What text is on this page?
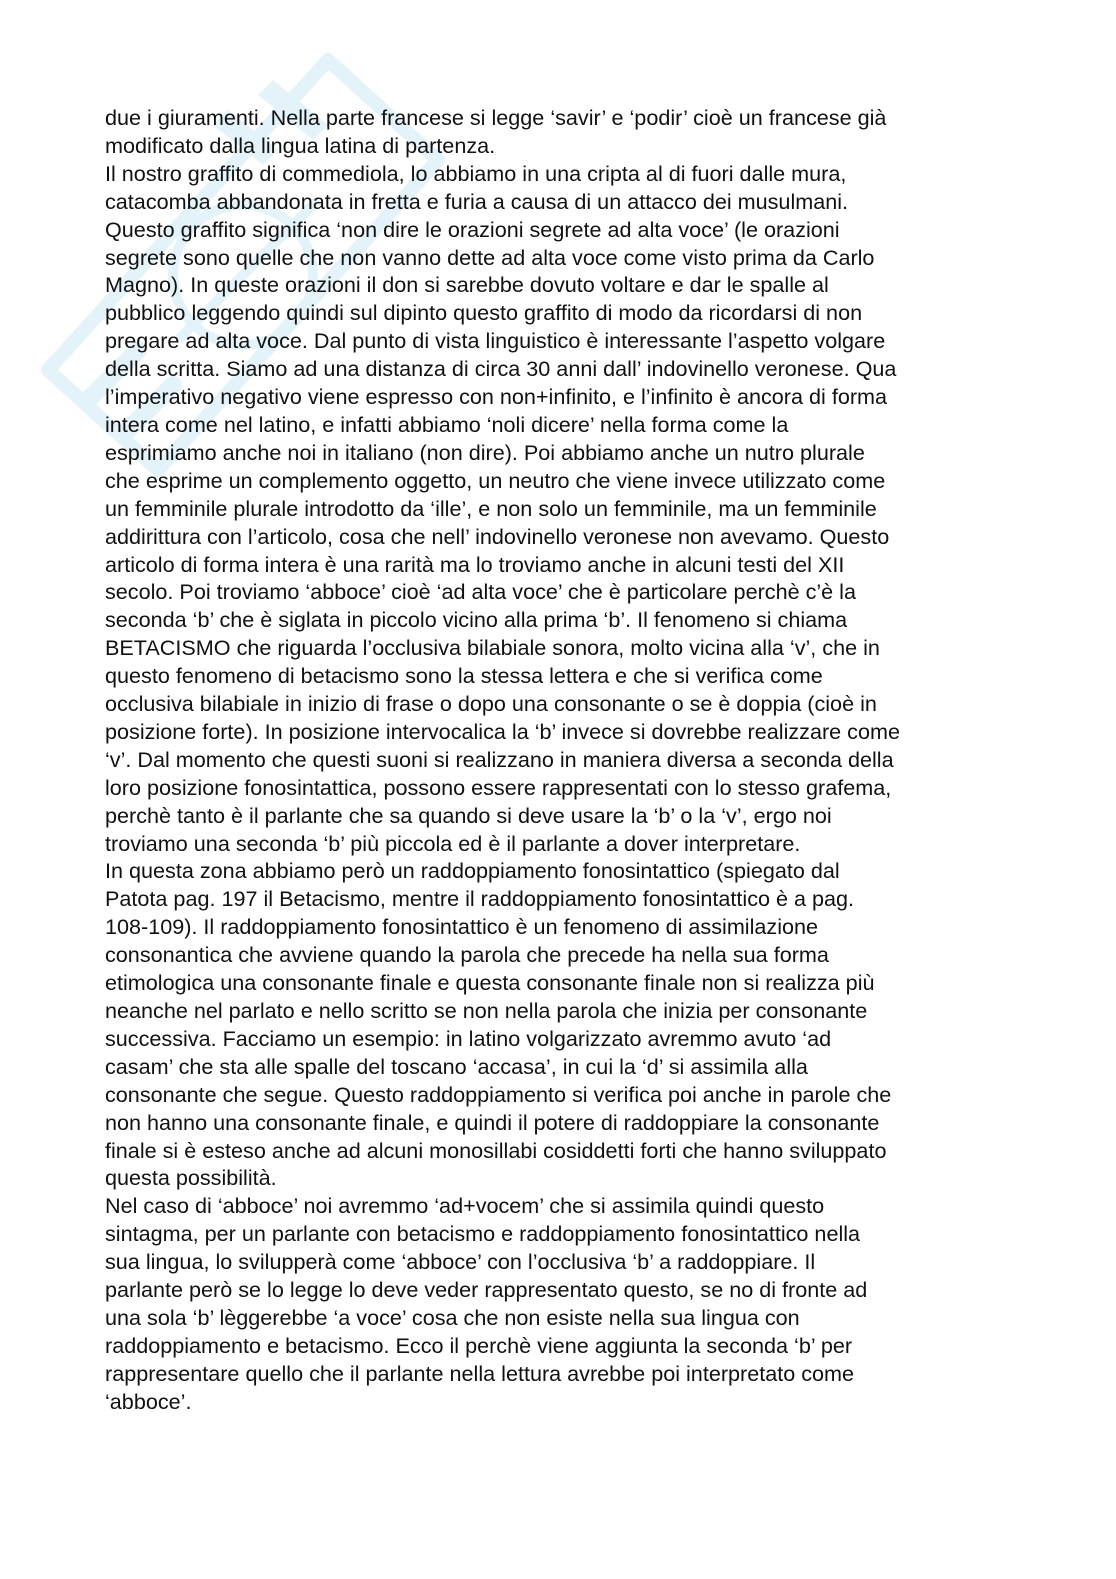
due i giuramenti. Nella parte francese si legge ‘savir’ e ‘podir’ cioè un francese già

modificato dalla lingua latina di partenza.

Il nostro graffito di commediola, lo abbiamo in una cripta al di fuori dalle mura,

catacomba abbandonata in fretta e furia a causa di un attacco dei musulmani.

Questo graffito significa ‘non dire le orazioni segrete ad alta voce’ (le orazioni

segrete sono quelle che non vanno dette ad alta voce come visto prima da Carlo

Magno). In queste orazioni il don si sarebbe dovuto voltare e dar le spalle al

pubblico leggendo quindi sul dipinto questo graffito di modo da ricordarsi di non

pregare ad alta voce. Dal punto di vista linguistico è interessante l’aspetto volgare

della scritta. Siamo ad una distanza di circa 30 anni dall’ indovinello veronese. Qua

l’imperativo negativo viene espresso con non+infinito, e l’infinito è ancora di forma

intera come nel latino, e infatti abbiamo ‘noli dicere’ nella forma come la

esprimiamo anche noi in italiano (non dire). Poi abbiamo anche un nutro plurale

che esprime un complemento oggetto, un neutro che viene invece utilizzato come

un femminile plurale introdotto da ‘ille’, e non solo un femminile, ma un femminile

addirittura con l’articolo, cosa che nell’ indovinello veronese non avevamo. Questo

articolo di forma intera è una rarità ma lo troviamo anche in alcuni testi del XII

secolo. Poi troviamo ‘abboce’ cioè ‘ad alta voce’ che è particolare perchè c’è la

seconda ‘b’ che è siglata in piccolo vicino alla prima ‘b’. Il fenomeno si chiama

BETACISMO che riguarda l’occlusiva bilabiale sonora, molto vicina alla ‘v’, che in

questo fenomeno di betacismo sono la stessa lettera e che si verifica come

occlusiva bilabiale in inizio di frase o dopo una consonante o se è doppia (cioè in

posizione forte). In posizione intervocalica la ‘b’ invece si dovrebbe realizzare come

‘v’. Dal momento che questi suoni si realizzano in maniera diversa a seconda della

loro posizione fonosintattica, possono essere rappresentati con lo stesso grafema,

perchè tanto è il parlante che sa quando si deve usare la ‘b’ o la ‘v’, ergo noi

troviamo una seconda ‘b’ più piccola ed è il parlante a dover interpretare.

In questa zona abbiamo però un raddoppiamento fonosintattico (spiegato dal

Patota pag. 197 il Betacismo, mentre il raddoppiamento fonosintattico è a pag.

108-109). Il raddoppiamento fonosintattico è un fenomeno di assimilazione

consonantica che avviene quando la parola che precede ha nella sua forma

etimologica una consonante finale e questa consonante finale non si realizza più

neanche nel parlato e nello scritto se non nella parola che inizia per consonante

successiva. Facciamo un esempio: in latino volgarizzato avremmo avuto ‘ad

casam’ che sta alle spalle del toscano ‘accasa’, in cui la ‘d’ si assimila alla

consonante che segue. Questo raddoppiamento si verifica poi anche in parole che

non hanno una consonante finale, e quindi il potere di raddoppiare la consonante

finale si è esteso anche ad alcuni monosillabi cosiddetti forti che hanno sviluppato

questa possibilità.

Nel caso di ‘abboce’ noi avremmo ‘ad+vocem’ che si assimila quindi questo

sintagma, per un parlante con betacismo e raddoppiamento fonosintattico nella

sua lingua, lo svilupperà come ‘abboce’ con l’occlusiva ‘b’ a raddoppiare. Il

parlante però se lo legge lo deve veder rappresentato questo, se no di fronte ad

una sola ‘b’ lèggerebbe ‘a voce’ cosa che non esiste nella sua lingua con

raddoppiamento e betacismo. Ecco il perchè viene aggiunta la seconda ‘b’ per

rappresentare quello che il parlante nella lettura avrebbe poi interpretato come

‘abboce’.
